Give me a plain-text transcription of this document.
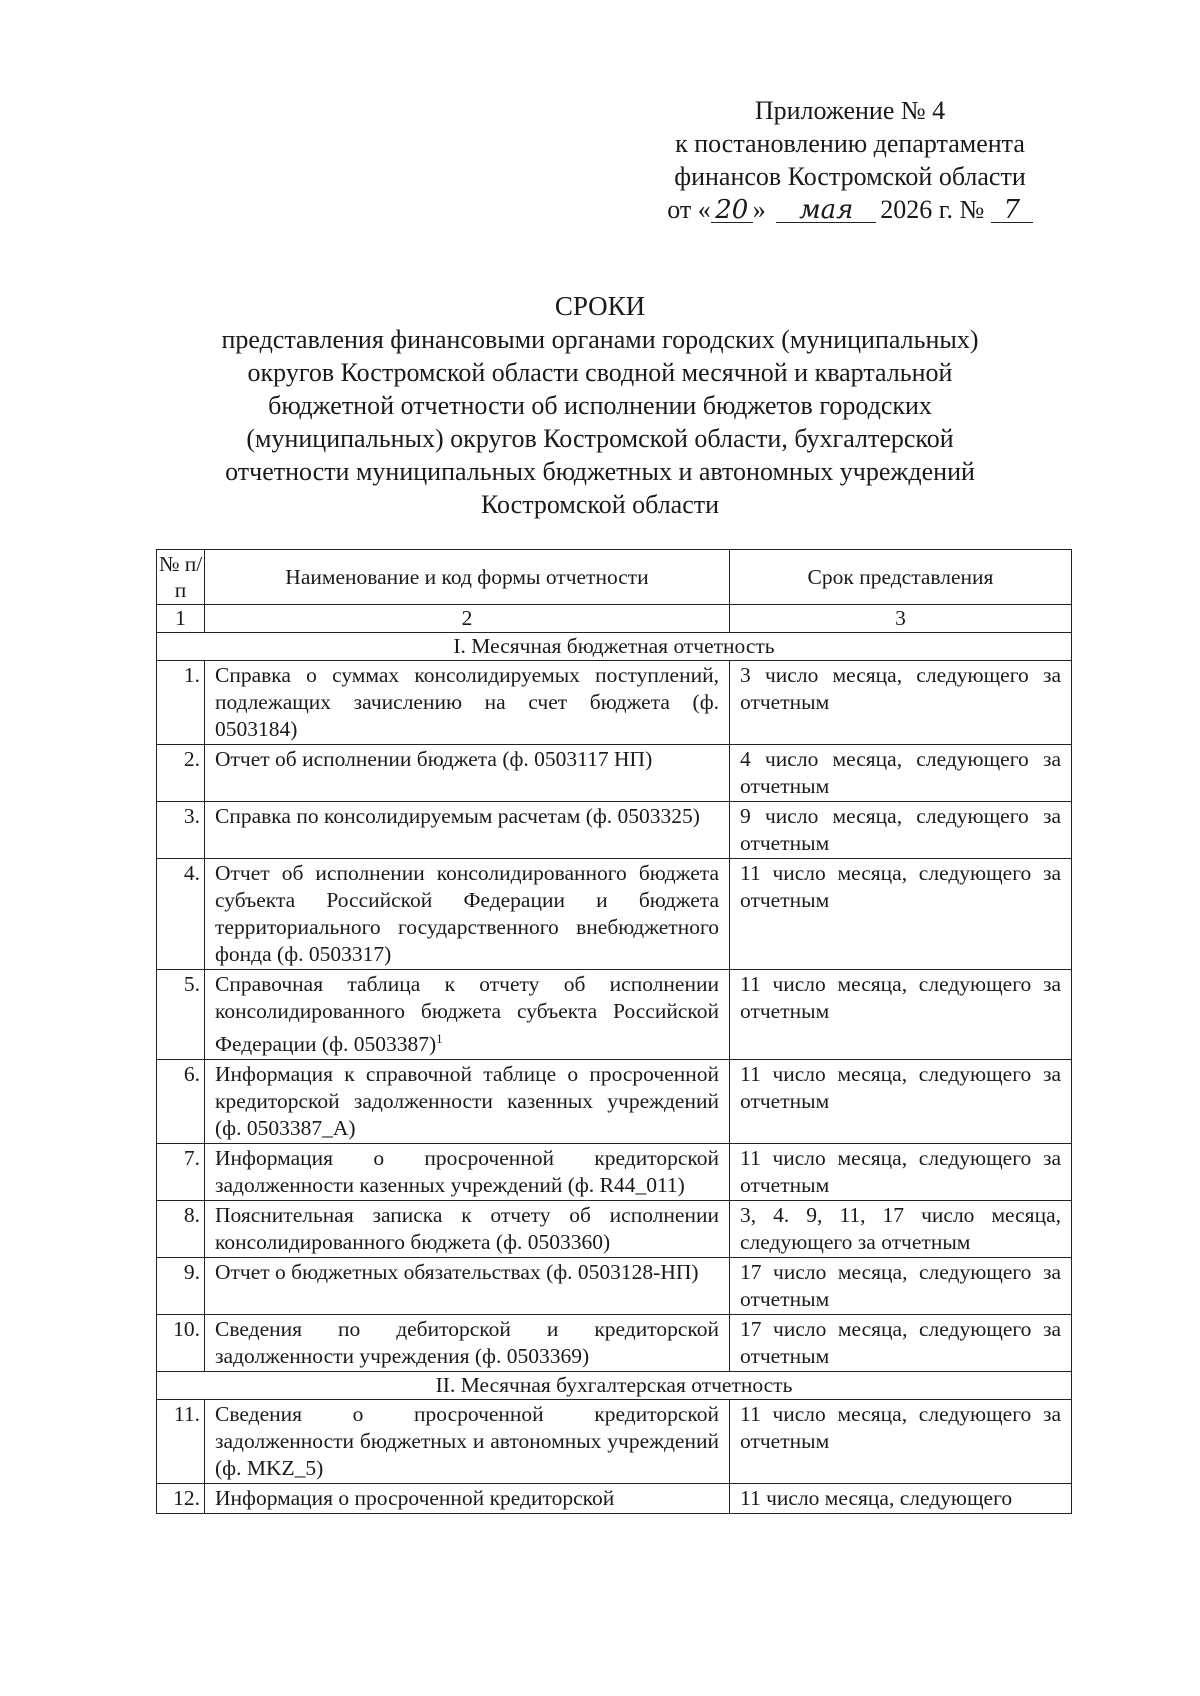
Приложение № 4
к постановлению департамента
финансов Костромской области
от « 20 » мая 2026 г. № 7
СРОКИ
представления финансовыми органами городских (муниципальных)
округов Костромской области сводной месячной и квартальной
бюджетной отчетности об исполнении бюджетов городских
(муниципальных) округов Костромской области, бухгалтерской
отчетности муниципальных бюджетных и автономных учреждений
Костромской области
№ п/п	Наименование и код формы отчетности	Срок представления
1	2	3
I. Месячная бюджетная отчетность		
1.	Справка о суммах консолидируемых поступлений, подлежащих зачислению на счет бюджета (ф. 0503184)	3 число месяца, следующего за отчетным
2.	Отчет об исполнении бюджета (ф. 0503117 НП)	4 число месяца, следующего за отчетным
3.	Справка по консолидируемым расчетам (ф. 0503325)	9 число месяца, следующего за отчетным
4.	Отчет об исполнении консолидированного бюджета субъекта Российской Федерации и бюджета территориального государственного внебюджетного фонда (ф. 0503317)	11 число месяца, следующего за отчетным
5.	Справочная таблица к отчету об исполнении консолидированного бюджета субъекта Российской Федерации (ф. 0503387)$^1$	11 число месяца, следующего за отчетным
6.	Информация к справочной таблице о просроченной кредиторской задолженности казенных учреждений (ф. 0503387_А)	11 число месяца, следующего за отчетным
7.	Информация о просроченной кредиторской задолженности казенных учреждений (ф. R44_011)	11 число месяца, следующего за отчетным
8.	Пояснительная записка к отчету об исполнении консолидированного бюджета (ф. 0503360)	3, 4. 9, 11, 17 число месяца, следующего за отчетным
9.	Отчет о бюджетных обязательствах (ф. 0503128-НП)	17 число месяца, следующего за отчетным
10.	Сведения по дебиторской и кредиторской задолженности учреждения (ф. 0503369)	17 число месяца, следующего за отчетным
II. Месячная бухгалтерская отчетность		
11.	Сведения о просроченной кредиторской задолженности бюджетных и автономных учреждений (ф. MKZ_5)	11 число месяца, следующего за отчетным
12.	Информация о просроченной кредиторской	11 число месяца, следующего
